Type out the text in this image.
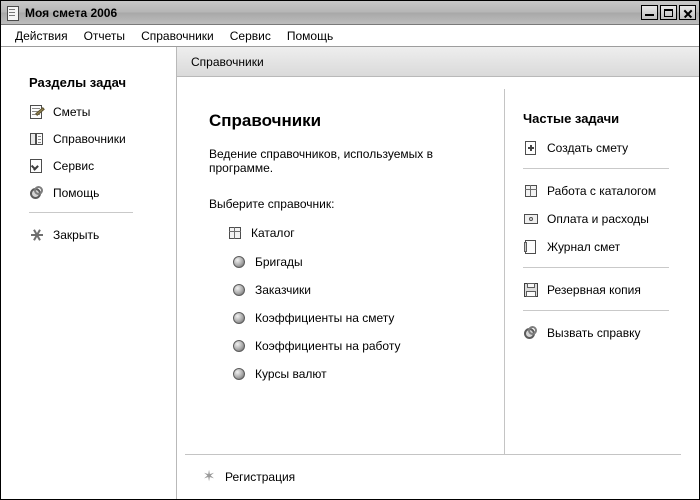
Моя смета 2006
Действия	Отчеты	Справочники	Сервис	Помощь
Разделы задач
Сметы
Справочники
Сервис
Помощь
Закрыть
Справочники
Справочники

Ведение справочников, используемых в программе.

Выберите справочник:
Каталог
Бригады
Заказчики
Коэффициенты на смету
Коэффициенты на работу
Курсы валют
Частые задачи
Создать смету
Работа с каталогом
Оплата и расходы
Журнал смет
Резервная копия
Вызвать справку
✶ Регистрация
